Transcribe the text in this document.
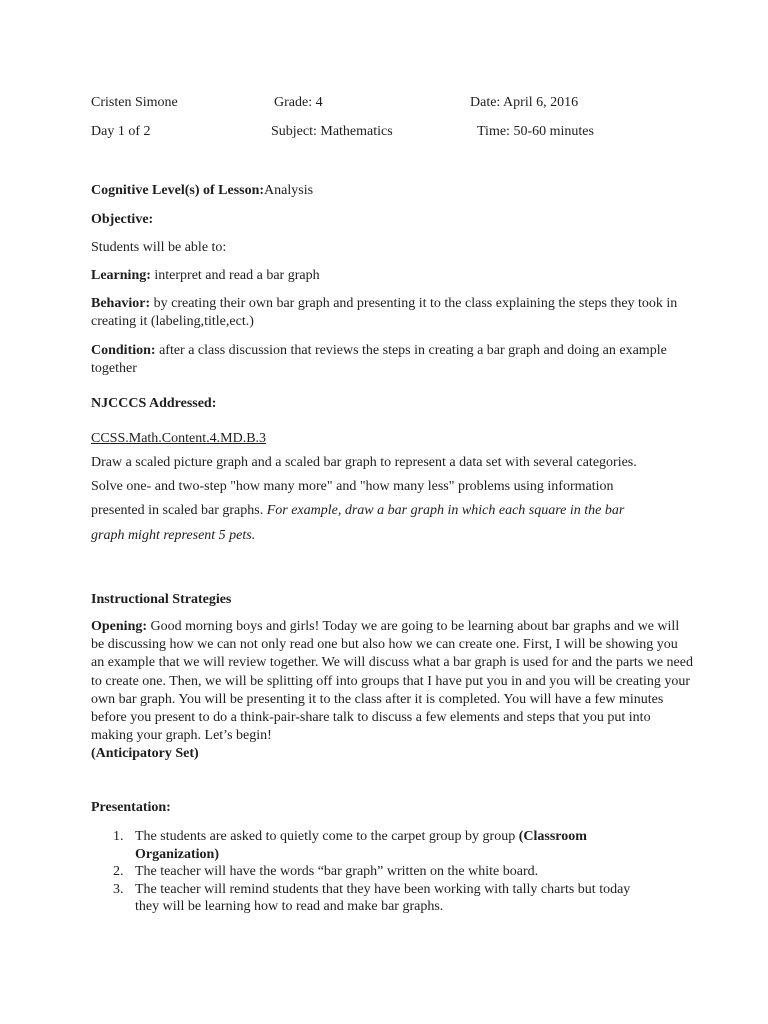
Cristen Simone	Grade: 4	Date: April 6, 2016
Day 1 of 2	Subject: Mathematics	Time: 50-60 minutes
Cognitive Level(s) of Lesson:Analysis
Objective:
Students will be able to:
Learning: interpret and read a bar graph
Behavior: by creating their own bar graph and presenting it to the class explaining the steps they took in creating it (labeling,title,ect.)
Condition: after a class discussion that reviews the steps in creating a bar graph and doing an example together
NJCCCS Addressed:
CCSS.Math.Content.4.MD.B.3
Draw a scaled picture graph and a scaled bar graph to represent a data set with several categories.
Solve one- and two-step "how many more" and "how many less" problems using information
presented in scaled bar graphs. For example, draw a bar graph in which each square in the bar
graph might represent 5 pets.
Instructional Strategies
Opening: Good morning boys and girls! Today we are going to be learning about bar graphs and we will be discussing how we can not only read one but also how we can create one. First, I will be showing you an example that we will review together. We will discuss what a bar graph is used for and the parts we need to create one. Then, we will be splitting off into groups that I have put you in and you will be creating your own bar graph. You will be presenting it to the class after it is completed. You will have a few minutes before you present to do a think-pair-share talk to discuss a few elements and steps that you put into making your graph. Let’s begin!
(Anticipatory Set)
Presentation:
1. The students are asked to quietly come to the carpet group by group (Classroom Organization)
2. The teacher will have the words “bar graph” written on the white board.
3. The teacher will remind students that they have been working with tally charts but today they will be learning how to read and make bar graphs.
